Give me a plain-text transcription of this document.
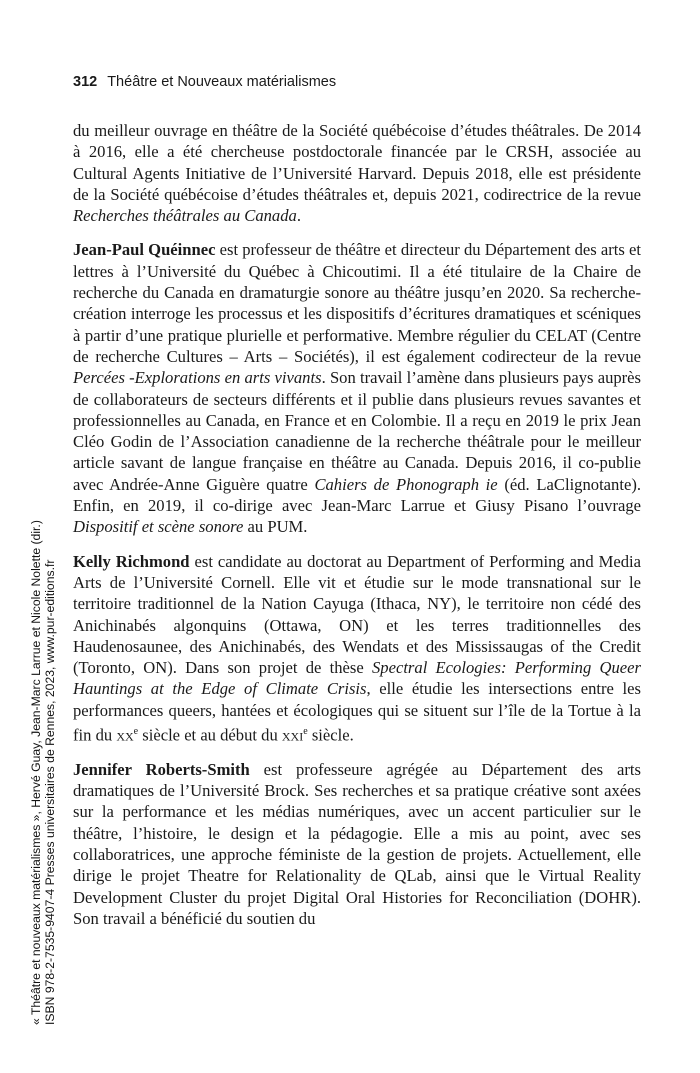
312 Théâtre et Nouveaux matérialismes

du meilleur ouvrage en théâtre de la Société québécoise d’études théâtrales. De 2014 à 2016, elle a été chercheuse postdoctorale financée par le CRSH, associée au Cultural Agents Initiative de l’Université Harvard. Depuis 2018, elle est présidente de la Société québécoise d’études théâtrales et, depuis 2021, codirectrice de la revue Recherches théâtrales au Canada.

Jean-Paul Quéinnec est professeur de théâtre et directeur du Département des arts et lettres à l’Université du Québec à Chicoutimi. Il a été titulaire de la Chaire de recherche du Canada en dramaturgie sonore au théâtre jusqu’en 2020. Sa recherche-création interroge les processus et les dispositifs d’écritures dramatiques et scéniques à partir d’une pratique plurielle et performative. Membre régulier du CELAT (Centre de recherche Cultures – Arts – Sociétés), il est également codirecteur de la revue Percées -Explorations en arts vivants. Son travail l’amène dans plusieurs pays auprès de collaborateurs de secteurs différents et il publie dans plusieurs revues savantes et professionnelles au Canada, en France et en Colombie. Il a reçu en 2019 le prix Jean Cléo Godin de l’Association canadienne de la recherche théâtrale pour le meilleur article savant de langue française en théâtre au Canada. Depuis 2016, il co-publie avec Andrée-Anne Giguère quatre Cahiers de Phonograph ie (éd. LaClignotante). Enfin, en 2019, il co-dirige avec Jean-Marc Larrue et Giusy Pisano l’ouvrage Dispositif et scène sonore au PUM.

Kelly Richmond est candidate au doctorat au Department of Performing and Media Arts de l’Université Cornell. Elle vit et étudie sur le mode transnational sur le territoire traditionnel de la Nation Cayuga (Ithaca, NY), le territoire non cédé des Anichinabés algonquins (Ottawa, ON) et les terres traditionnelles des Haudenosaunee, des Anichinabés, des Wendats et des Mississaugas of the Credit (Toronto, ON). Dans son projet de thèse Spectral Ecologies: Performing Queer Hauntings at the Edge of Climate Crisis, elle étudie les intersections entre les performances queers, hantées et écologiques qui se situent sur l’île de la Tortue à la fin du $xx^e$ siècle et au début du xxi$^e$ siècle.

Jennifer Roberts-Smith est professeure agrégée au Département des arts dramatiques de l’Université Brock. Ses recherches et sa pratique créative sont axées sur la performance et les médias numériques, avec un accent particulier sur le théâtre, l’histoire, le design et la pédagogie. Elle a mis au point, avec ses collaboratrices, une approche féministe de la gestion de projets. Actuellement, elle dirige le projet Theatre for Relationality de QLab, ainsi que le Virtual Reality Development Cluster du projet Digital Oral Histories for Reconciliation (DOHR). Son travail a bénéficié du soutien du

« Théâtre et nouveaux matérialismes », Hervé Guay, Jean-Marc Larrue et Nicole Nolette (dir.) ISBN 978-2-7535-9407-4 Presses universitaires de Rennes, 2023, www.pur-editions.fr
